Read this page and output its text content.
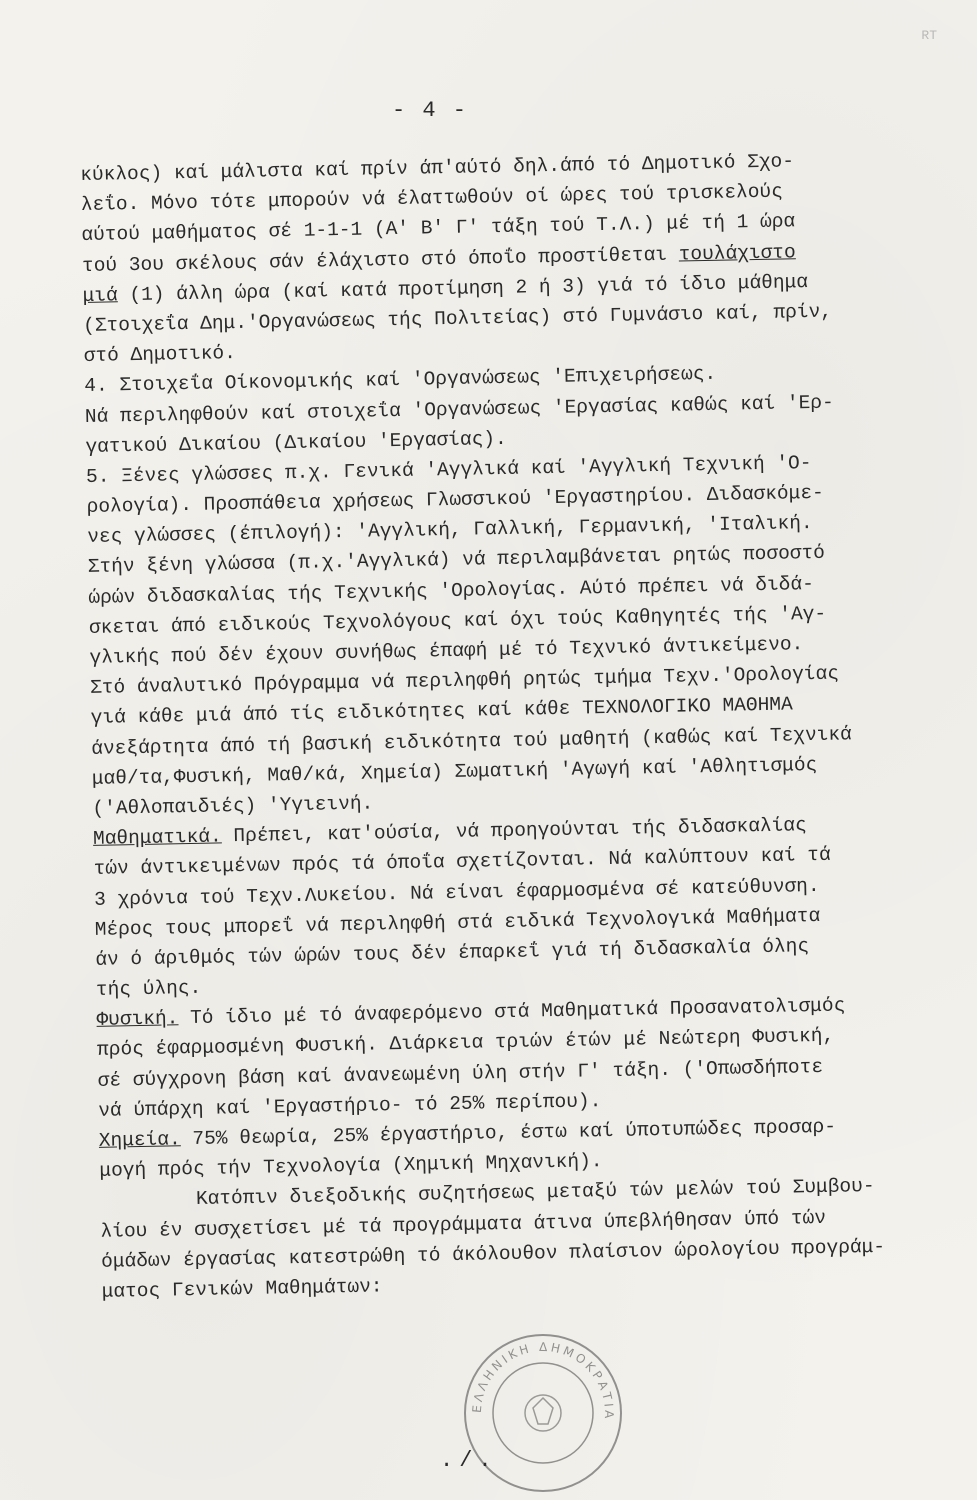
RT
- 4 -
κύκλος) καί μάλιστα καί πρίν άπ'αύτό δηλ.άπό τό Δημοτικό Σχο-
λεΐο. Μόνο τότε μπορούν νά έλαττωθούν οί ώρες τού τρισκελούς
αύτού μαθήματος σέ 1-1-1 (Α' Β' Γ' τάξη τού Τ.Λ.) μέ τή 1 ώρα
τού 3ου σκέλους σάν έλάχιστο στό όποΐο προστίθεται τουλάχιστο
μιά (1) άλλη ώρα (καί κατά προτίμηση 2 ή 3) γιά τό ίδιο μάθημα
(Στοιχεΐα Δημ.'Οργανώσεως τής Πολιτείας) στό Γυμνάσιο καί, πρίν,
στό Δημοτικό.
4. Στοιχεΐα Οίκονομικής καί 'Οργανώσεως 'Επιχειρήσεως.
Νά περιληφθούν καί στοιχεΐα 'Οργανώσεως 'Εργασίας καθώς καί 'Ερ-
γατικού Δικαίου (Δικαίου 'Εργασίας).
5. Ξένες γλώσσες π.χ. Γενικά 'Αγγλικά καί 'Αγγλική Τεχνική 'Ο-
ρολογία). Προσπάθεια χρήσεως Γλωσσικού 'Εργαστηρίου. Διδασκόμε-
νες γλώσσες (έπιλογή): 'Αγγλική, Γαλλική, Γερμανική, 'Ιταλική.
Στήν ξένη γλώσσα (π.χ.'Αγγλικά) νά περιλαμβάνεται ρητώς ποσοστό
ώρών διδασκαλίας τής Τεχνικής 'Ορολογίας. Αύτό πρέπει νά διδά-
σκεται άπό ειδικούς Τεχνολόγους καί όχι τούς Καθηγητές τής 'Αγ-
γλικής πού δέν έχουν συνήθως έπαφή μέ τό Τεχνικό άντικείμενο.
Στό άναλυτικό Πρόγραμμα νά περιληφθή ρητώς τμήμα Τεχν.'Ορολογίας
γιά κάθε μιά άπό τίς ειδικότητες καί κάθε ΤΕΧΝΟΛΟΓΙΚΟ ΜΑΘΗΜΑ
άνεξάρτητα άπό τή βασική ειδικότητα τού μαθητή (καθώς καί Τεχνικά
μαθ/τα,Φυσική, Μαθ/κά, Χημεία) Σωματική 'Αγωγή καί 'Αθλητισμός
('Αθλοπαιδιές) 'Υγιεινή.
Μαθηματικά. Πρέπει, κατ'ούσία, νά προηγούνται τής διδασκαλίας
τών άντικειμένων πρός τά όποΐα σχετίζονται. Νά καλύπτουν καί τά
3 χρόνια τού Τεχν.Λυκείου. Νά είναι έφαρμοσμένα σέ κατεύθυνση.
Μέρος τους μπορεΐ νά περιληφθή στά ειδικά Τεχνολογικά Μαθήματα
άν ό άριθμός τών ώρών τους δέν έπαρκεΐ γιά τή διδασκαλία όλης
τής ύλης.
Φυσική. Τό ίδιο μέ τό άναφερόμενο στά Μαθηματικά Προσανατολισμός
πρός έφαρμοσμένη Φυσική. Διάρκεια τριών έτών μέ Νεώτερη Φυσική,
σέ σύγχρονη βάση καί άνανεωμένη ύλη στήν Γ' τάξη. ('Οπωσδήποτε
νά ύπάρχη καί 'Εργαστήριο- τό 25% περίπου).
Χημεία. 75% θεωρία, 25% έργαστήριο, έστω καί ύποτυπώδες προσαρ-
μογή πρός τήν Τεχνολογία (Χημική Μηχανική).
Κατόπιν διεξοδικής συζητήσεως μεταξύ τών μελών τού Συμβου-
λίου έν συσχετίσει μέ τά προγράμματα άτινα ύπεβλήθησαν ύπό τών
όμάδων έργασίας κατεστρώθη τό άκόλουθον πλαίσιον ώρολογίου προγράμ-
ματος Γενικών Μαθημάτων:
ΕΛΛΗΝΙΚΗ ΔΗΜΟΚΡΑΤΙΑ
./.
